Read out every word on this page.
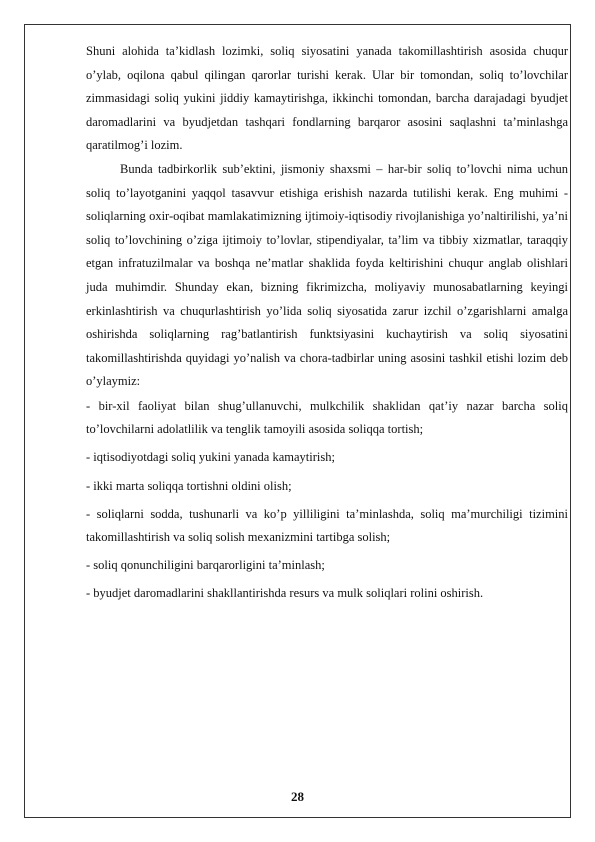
Shuni alohida ta’kidlash lozimki, soliq siyosatini yanada takomillashtirish asosida chuqur o’ylab, oqilona qabul qilingan qarorlar turishi kerak. Ular bir tomondan, soliq to’lovchilar zimmasidagi soliq yukini jiddiy kamaytirishga, ikkinchi tomondan, barcha darajadagi byudjet daromadlarini va byudjetdan tashqari fondlarning barqaror asosini saqlashni ta’minlashga qaratilmog’i lozim.

Bunda tadbirkorlik sub’ektini, jismoniy shaxsmi – har-bir soliq to’lovchi nima uchun soliq to’layotganini yaqqol tasavvur etishiga erishish nazarda tutilishi kerak. Eng muhimi - soliqlarning oxir-oqibat mamlakatimizning ijtimoiy-iqtisodiy rivojlanishiga yo’naltirilishi, ya’ni soliq to’lovchining o’ziga ijtimoiy to’lovlar, stipendiyalar, ta’lim va tibbiy xizmatlar, taraqqiy etgan infratuzilmalar va boshqa ne’matlar shaklida foyda keltirishini chuqur anglab olishlari juda muhimdir. Shunday ekan, bizning fikrimizcha, moliyaviy munosabatlarning keyingi erkinlashtirish va chuqurlashtirish yo’lida soliq siyosatida zarur izchil o’zgarishlarni amalga oshirishda soliqlarning rag’batlantirish funktsiyasini kuchaytirish va soliq siyosatini takomillashtirishda quyidagi yo’nalish va chora-tadbirlar uning asosini tashkil etishi lozim deb o’ylaymiz:

- bir-xil faoliyat bilan shug’ullanuvchi, mulkchilik shaklidan qat’iy nazar barcha soliq to’lovchilarni adolatlilik va tenglik tamoyili asosida soliqqa tortish;

- iqtisodiyotdagi soliq yukini yanada kamaytirish;

- ikki marta soliqqa tortishni oldini olish;

- soliqlarni sodda, tushunarli va ko’p yilliligini ta’minlashda, soliq ma’murchiligi tizimini takomillashtirish va soliq solish mexanizmini tartibga solish;

- soliq qonunchiligini barqarorligini ta’minlash;

- byudjet daromadlarini shakllantirishda resurs va mulk soliqlari rolini oshirish.

28
